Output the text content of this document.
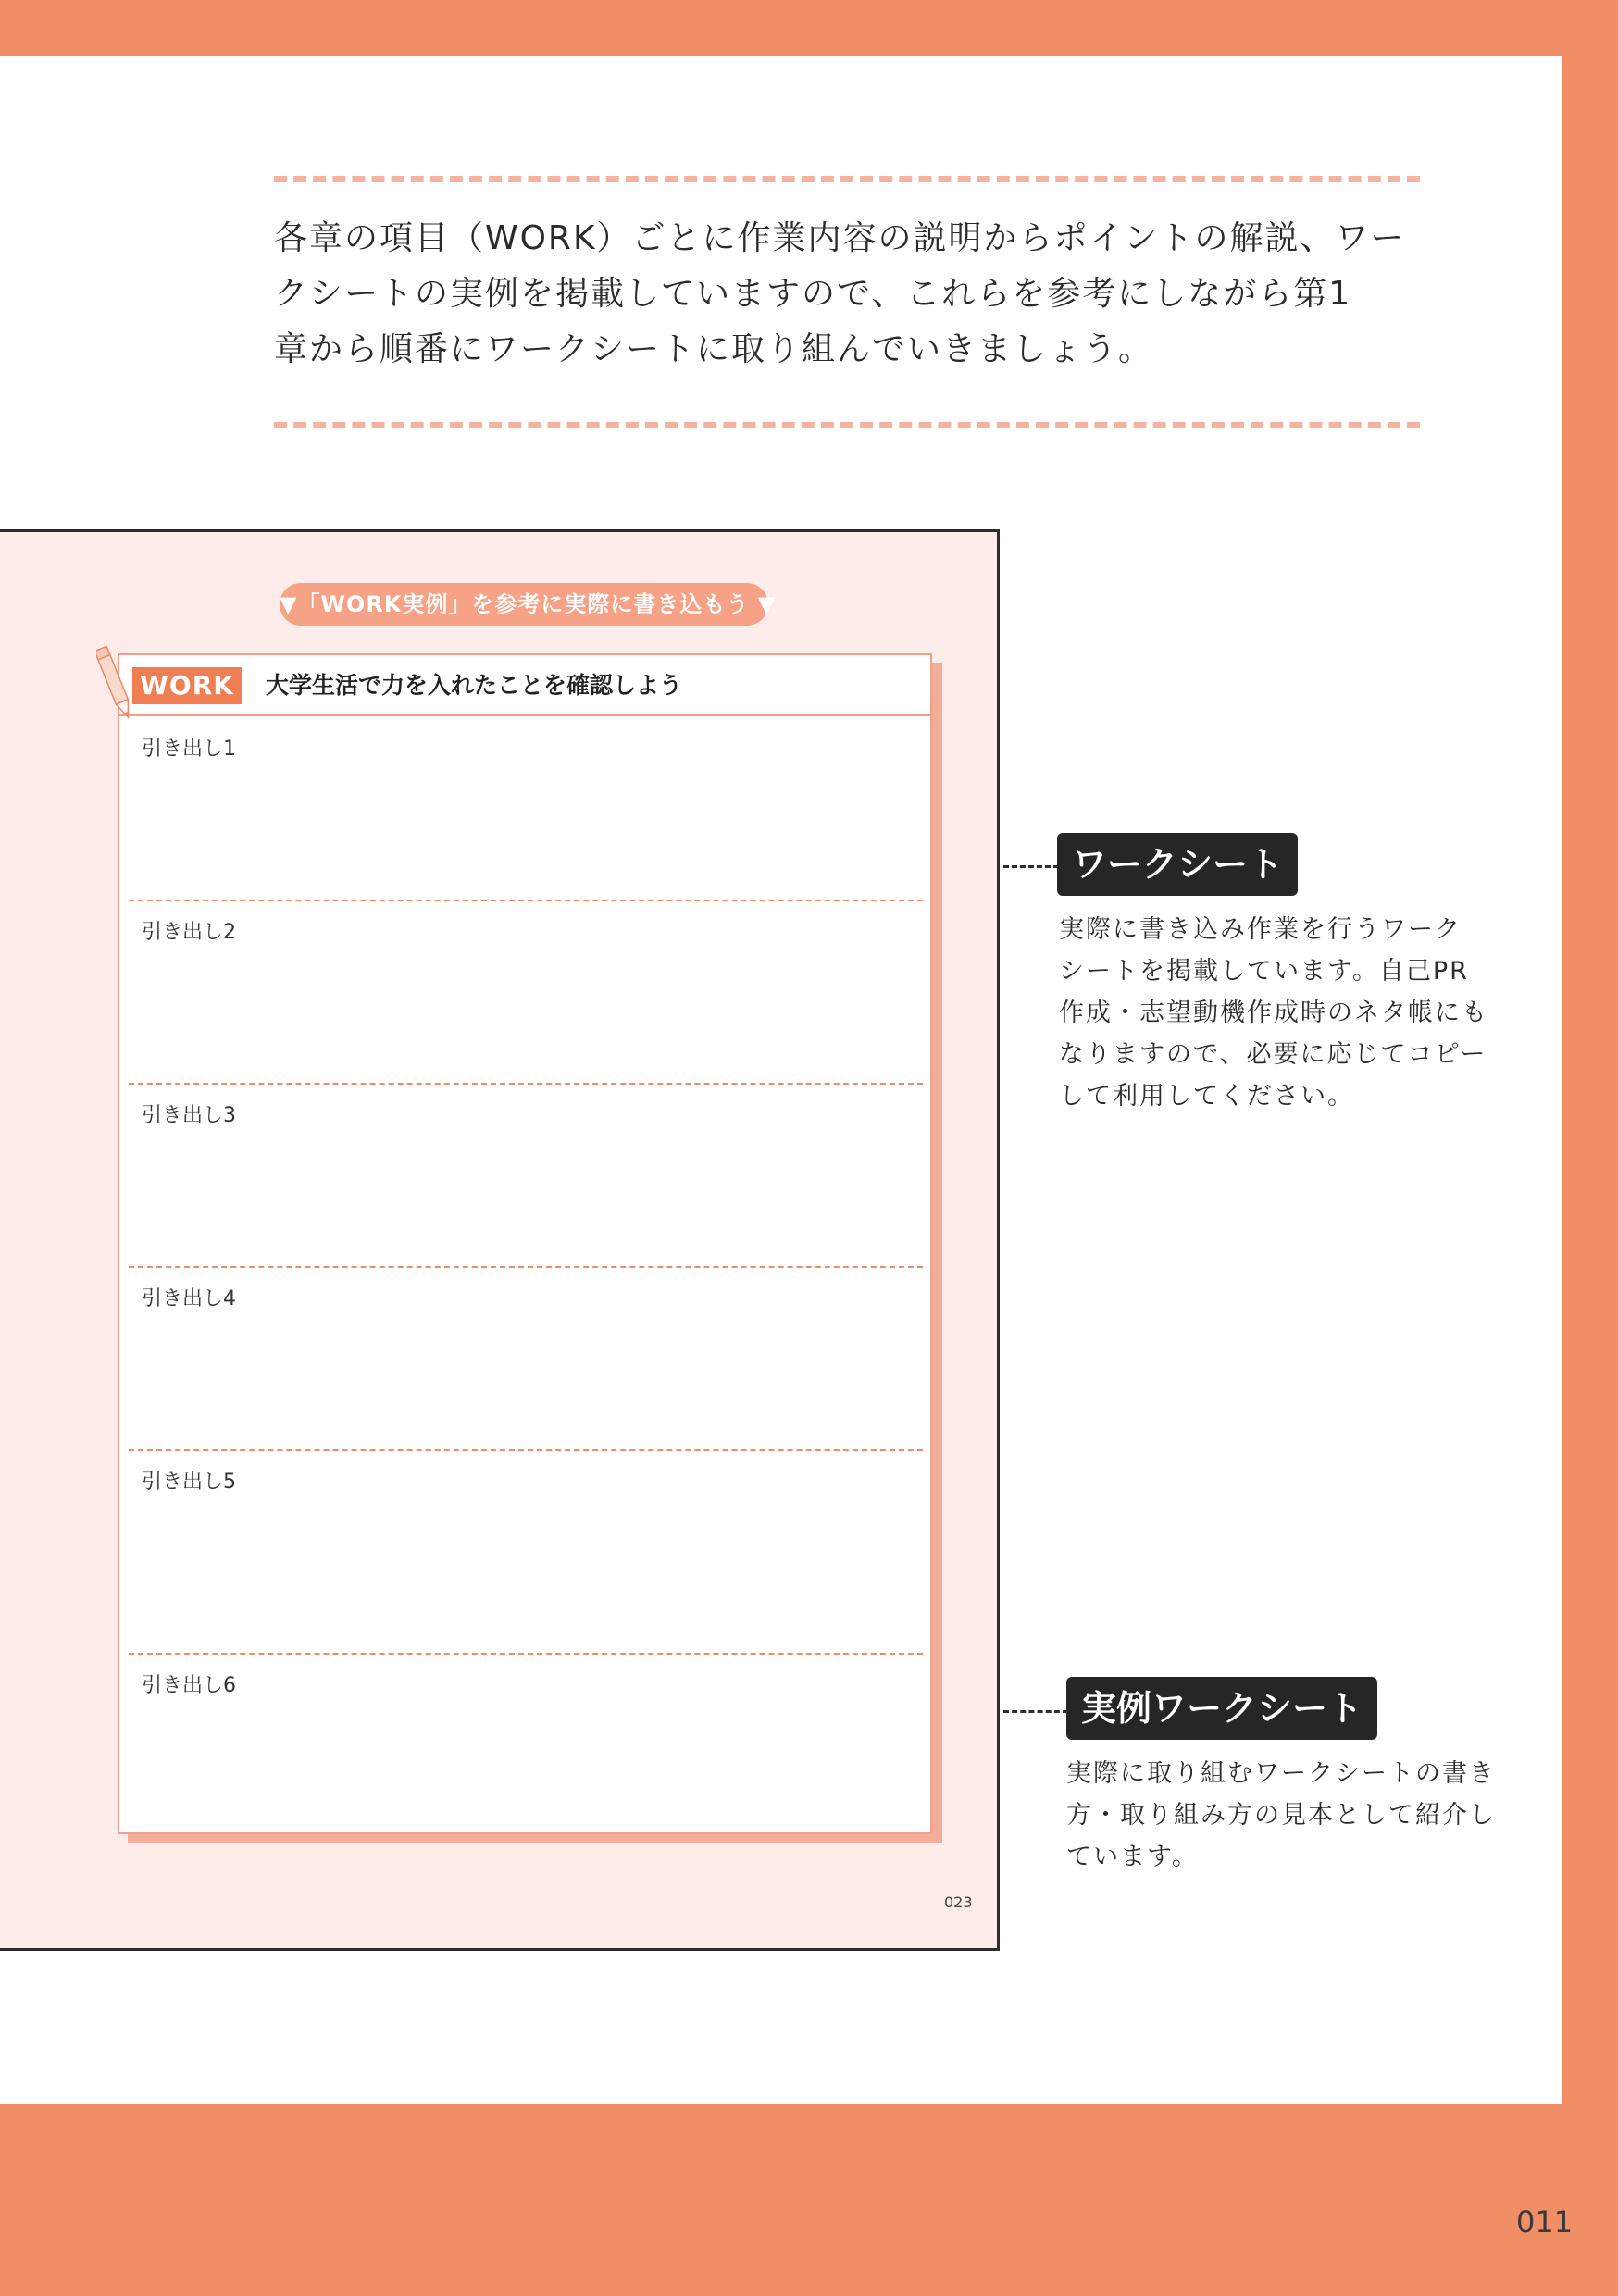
各章の項目（WORK）ごとに作業内容の説明からポイントの解説、ワー

クシートの実例を掲載していますので、これらを参考にしながら第1

章から順番にワークシートに取り組んでいきましょう。

▼「WORK実例」を参考に実際に書き込もう ▼
WORK	大学生活で力を入れたことを確認しよう
引き出し1
引き出し2
引き出し3
引き出し4
引き出し5
引き出し6
023
ワークシート

実際に書き込み作業を行うワーク

シートを掲載しています。自己PR

作成・志望動機作成時のネタ帳にも

なりますので、必要に応じてコピー

して利用してください。

実例ワークシート

実際に取り組むワークシートの書き

方・取り組み方の見本として紹介し

ています。

011
